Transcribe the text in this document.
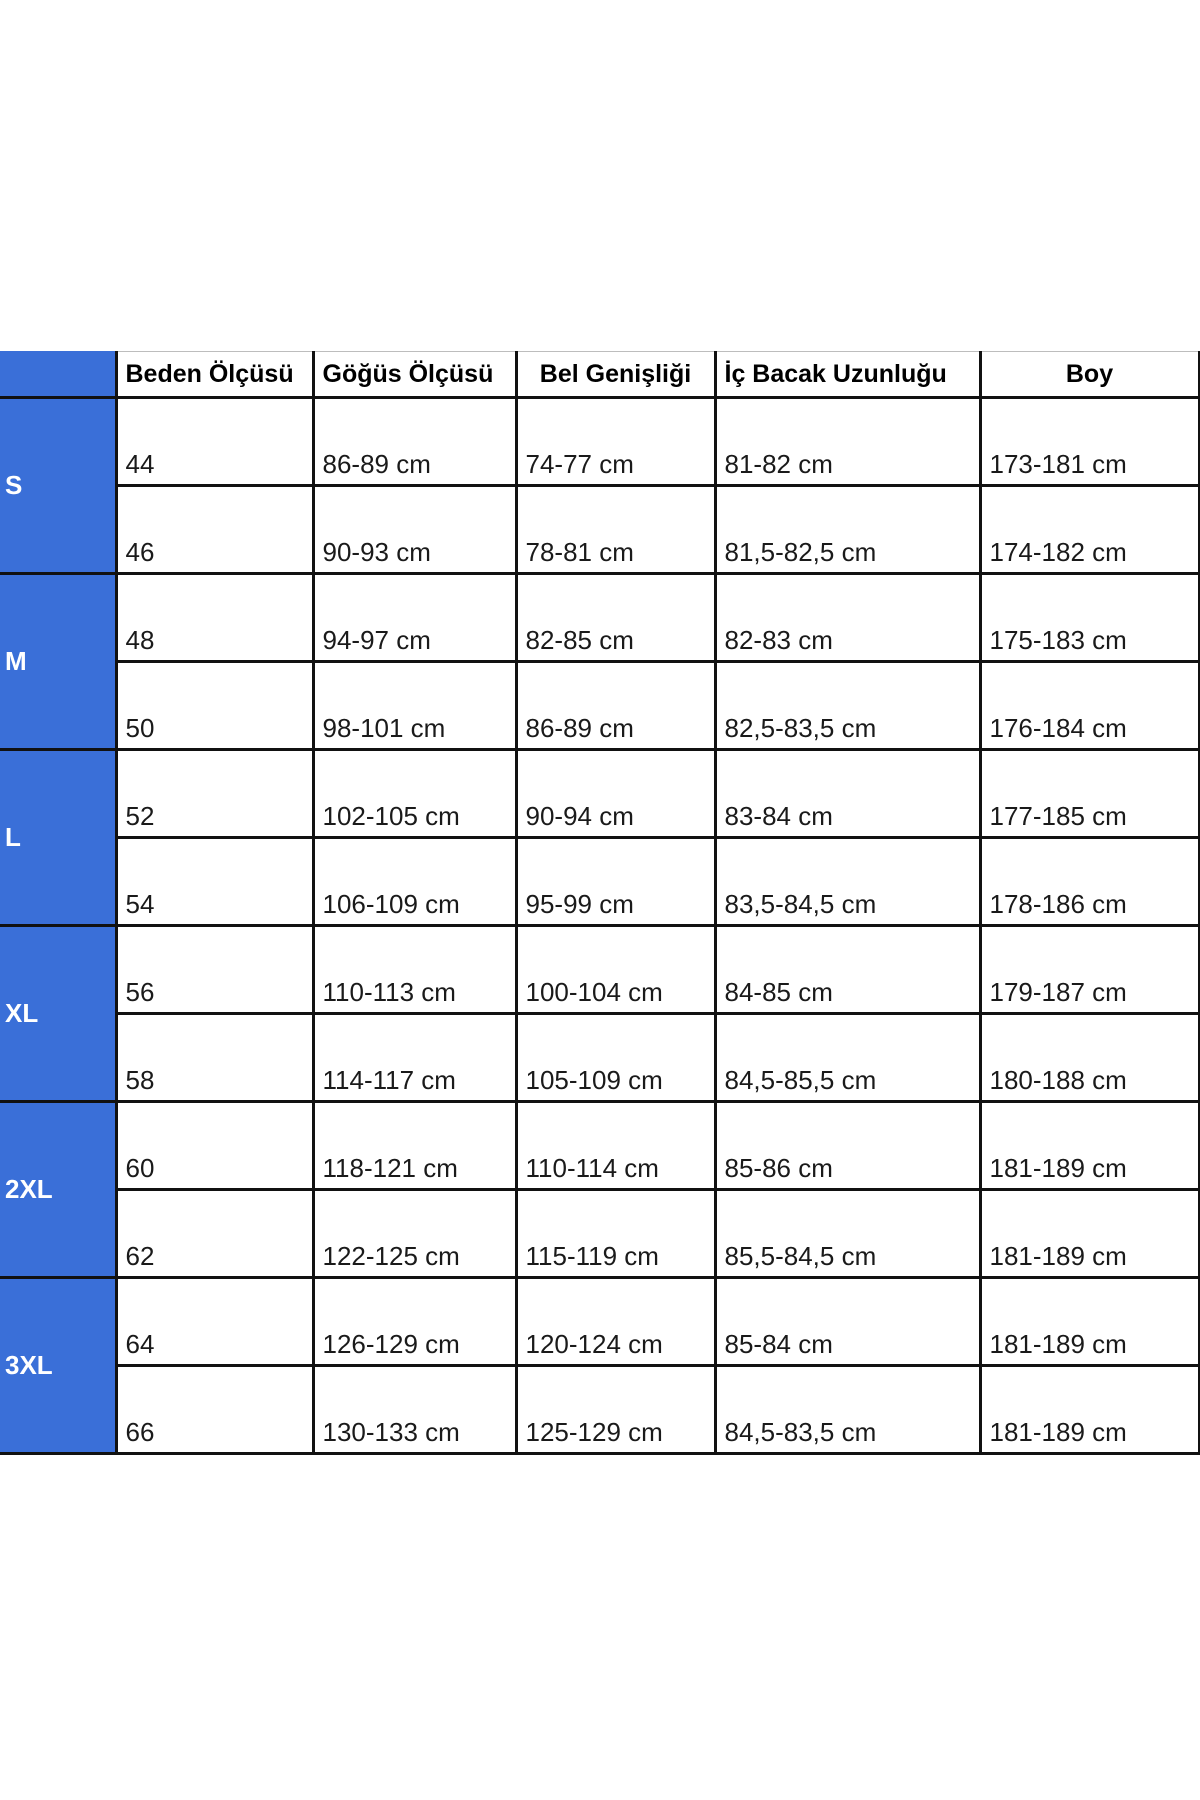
	Beden Ölçüsü	Göğüs Ölçüsü	Bel Genişliği	İç Bacak Uzunluğu	Boy
S	44	86-89 cm	74-77 cm	81-82 cm	173-181 cm
	46	90-93 cm	78-81 cm	81,5-82,5 cm	174-182 cm
M	48	94-97 cm	82-85 cm	82-83 cm	175-183 cm
	50	98-101 cm	86-89 cm	82,5-83,5 cm	176-184 cm
L	52	102-105 cm	90-94 cm	83-84 cm	177-185 cm
	54	106-109 cm	95-99 cm	83,5-84,5 cm	178-186 cm
XL	56	110-113 cm	100-104 cm	84-85 cm	179-187 cm
	58	114-117 cm	105-109 cm	84,5-85,5 cm	180-188 cm
2XL	60	118-121 cm	110-114 cm	85-86 cm	181-189 cm
	62	122-125 cm	115-119 cm	85,5-84,5 cm	181-189 cm
3XL	64	126-129 cm	120-124 cm	85-84 cm	181-189 cm
	66	130-133 cm	125-129 cm	84,5-83,5 cm	181-189 cm
